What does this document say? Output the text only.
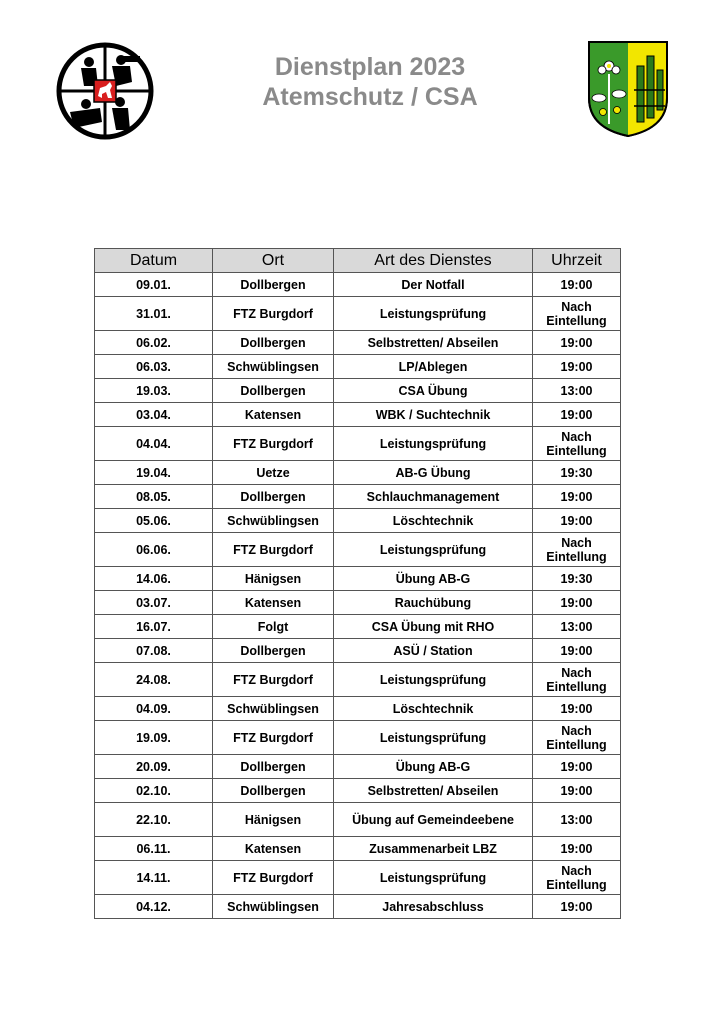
Dienstplan 2023
Atemschutz / CSA
Datum	Ort	Art des Dienstes	Uhrzeit
09.01.	Dollbergen	Der Notfall	19:00
31.01.	FTZ Burgdorf	Leistungsprüfung	Nach Eintellung
06.02.	Dollbergen	Selbstretten/ Abseilen	19:00
06.03.	Schwüblingsen	LP/Ablegen	19:00
19.03.	Dollbergen	CSA Übung	13:00
03.04.	Katensen	WBK / Suchtechnik	19:00
04.04.	FTZ Burgdorf	Leistungsprüfung	Nach Eintellung
19.04.	Uetze	AB-G Übung	19:30
08.05.	Dollbergen	Schlauchmanagement	19:00
05.06.	Schwüblingsen	Löschtechnik	19:00
06.06.	FTZ Burgdorf	Leistungsprüfung	Nach Eintellung
14.06.	Hänigsen	Übung AB-G	19:30
03.07.	Katensen	Rauchübung	19:00
16.07.	Folgt	CSA Übung mit RHO	13:00
07.08.	Dollbergen	ASÜ / Station	19:00
24.08.	FTZ Burgdorf	Leistungsprüfung	Nach Eintellung
04.09.	Schwüblingsen	Löschtechnik	19:00
19.09.	FTZ Burgdorf	Leistungsprüfung	Nach Eintellung
20.09.	Dollbergen	Übung AB-G	19:00
02.10.	Dollbergen	Selbstretten/ Abseilen	19:00
22.10.	Hänigsen	Übung auf Gemeindeebene	13:00
06.11.	Katensen	Zusammenarbeit LBZ	19:00
14.11.	FTZ Burgdorf	Leistungsprüfung	Nach Eintellung
04.12.	Schwüblingsen	Jahresabschluss	19:00
